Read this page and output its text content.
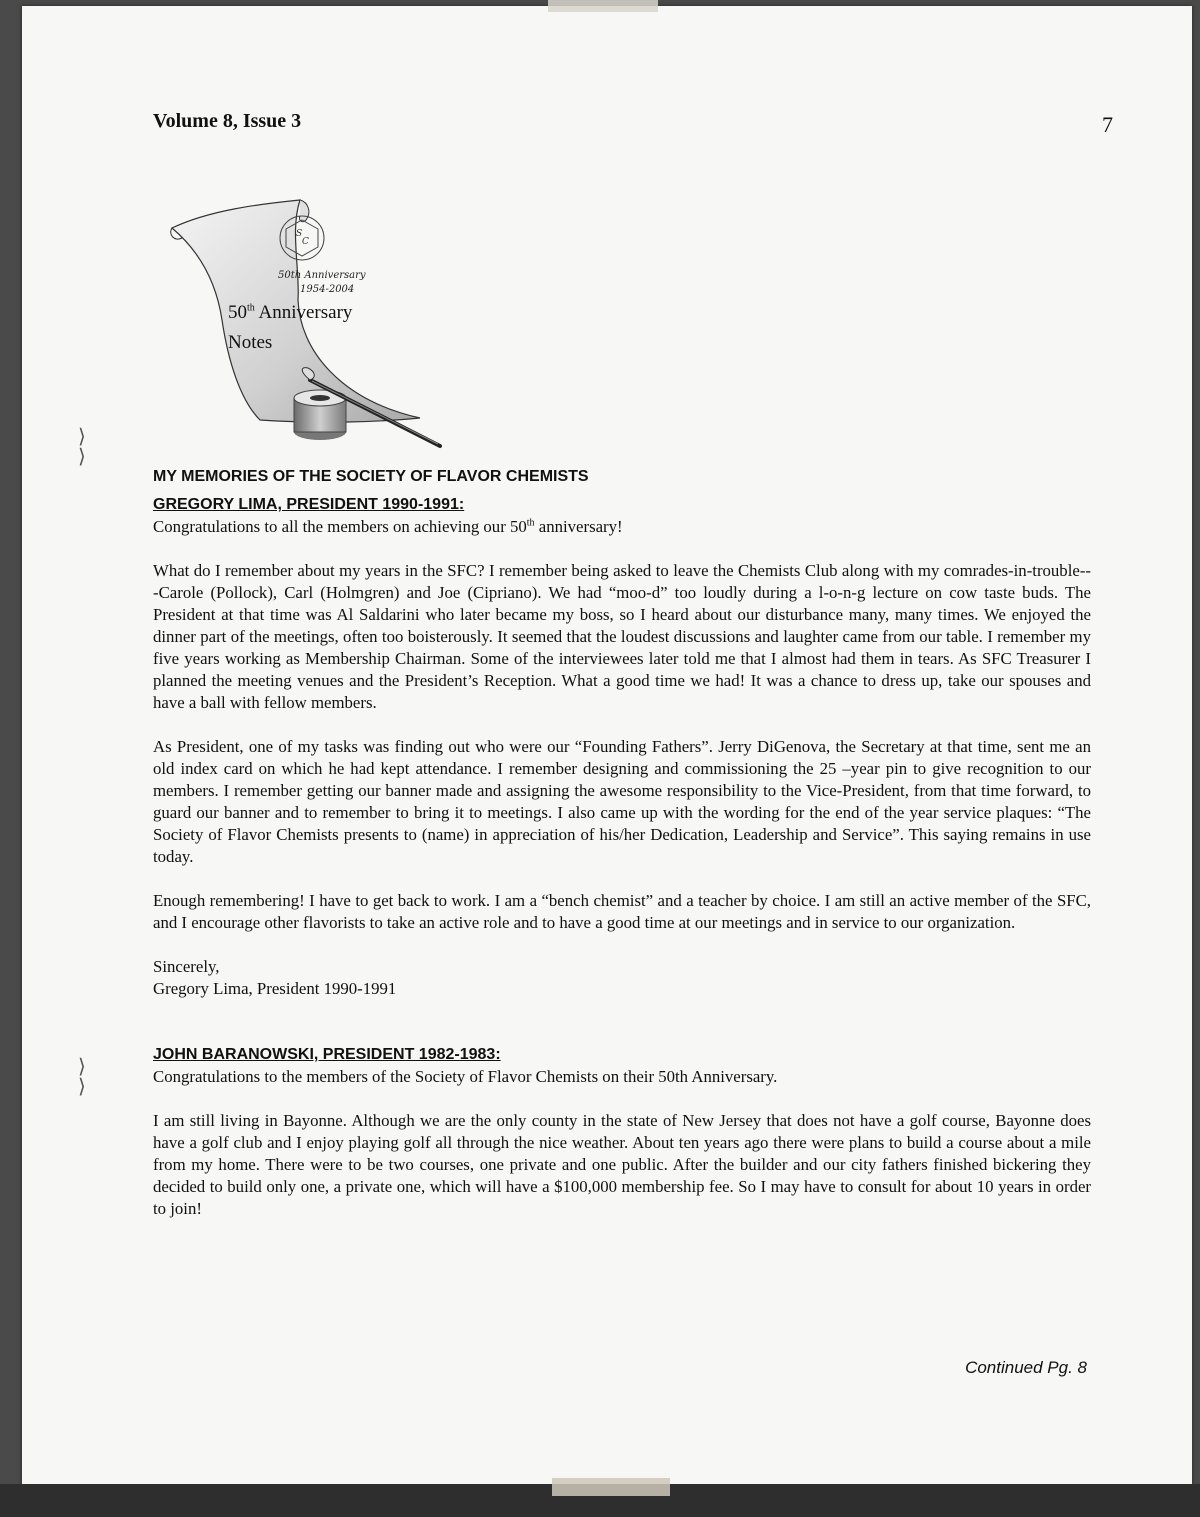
Volume 8, Issue 3	7
S
C
50th Anniversary
1954-2004
50th Anniversary
Notes
MY MEMORIES OF THE SOCIETY OF FLAVOR CHEMISTS
GREGORY LIMA, PRESIDENT 1990-1991:

Congratulations to all the members on achieving our 50th anniversary!

What do I remember about my years in the SFC? I remember being asked to leave the Chemists Club along with my comrades-in-trouble---Carole (Pollock), Carl (Holmgren) and Joe (Cipriano). We had “moo-d” too loudly during a l-o-n-g lecture on cow taste buds. The President at that time was Al Saldarini who later became my boss, so I heard about our disturbance many, many times. We enjoyed the dinner part of the meetings, often too boisterously. It seemed that the loudest discussions and laughter came from our table. I remember my five years working as Membership Chairman. Some of the interviewees later told me that I almost had them in tears. As SFC Treasurer I planned the meeting venues and the President’s Reception. What a good time we had! It was a chance to dress up, take our spouses and have a ball with fellow members.

As President, one of my tasks was finding out who were our “Founding Fathers”. Jerry DiGenova, the Secretary at that time, sent me an old index card on which he had kept attendance. I remember designing and commissioning the 25 –year pin to give recognition to our members. I remember getting our banner made and assigning the awesome responsibility to the Vice-President, from that time forward, to guard our banner and to remember to bring it to meetings. I also came up with the wording for the end of the year service plaques: “The Society of Flavor Chemists presents to (name) in appreciation of his/her Dedication, Leadership and Service”. This saying remains in use today.

Enough remembering! I have to get back to work. I am a “bench chemist” and a teacher by choice. I am still an active member of the SFC, and I encourage other flavorists to take an active role and to have a good time at our meetings and in service to our organization.

Sincerely,
Gregory Lima, President 1990-1991

JOHN BARANOWSKI, PRESIDENT 1982-1983:

Congratulations to the members of the Society of Flavor Chemists on their 50th Anniversary.

I am still living in Bayonne. Although we are the only county in the state of New Jersey that does not have a golf course, Bayonne does have a golf club and I enjoy playing golf all through the nice weather. About ten years ago there were plans to build a course about a mile from my home. There were to be two courses, one private and one public. After the builder and our city fathers finished bickering they decided to build only one, a private one, which will have a $100,000 membership fee. So I may have to consult for about 10 years in order to join!

Continued Pg. 8
⟩
⟩
⟩
⟩
